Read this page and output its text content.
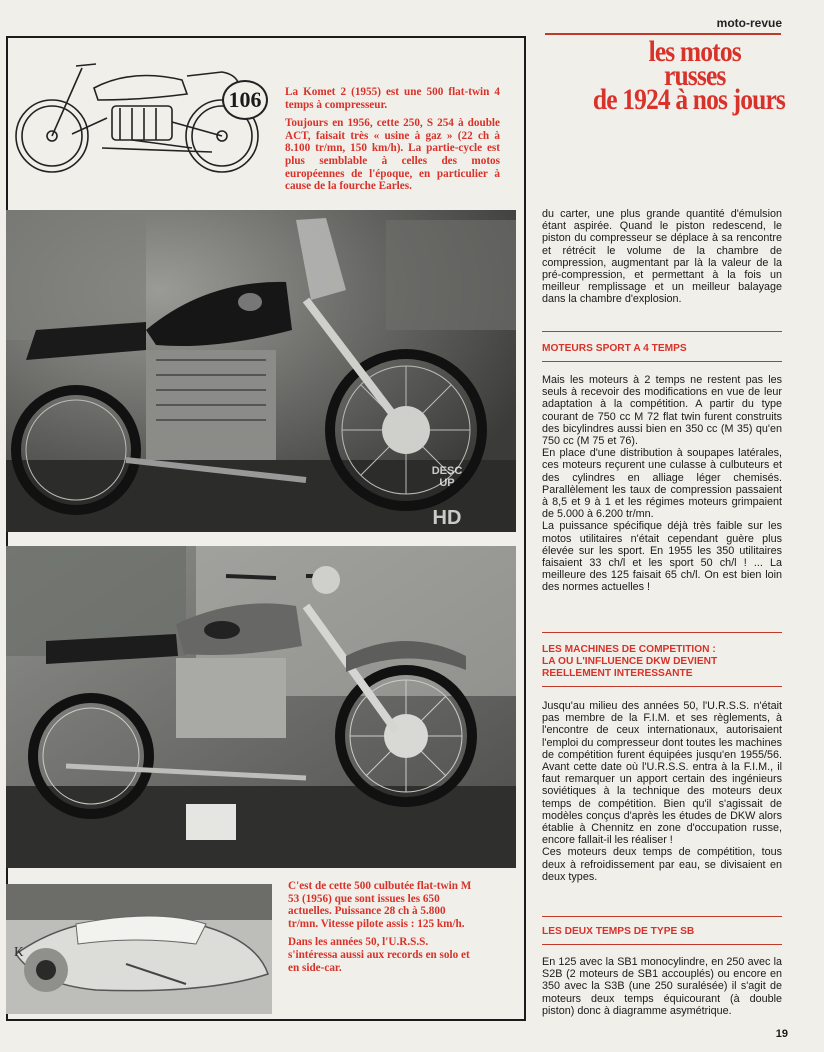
moto-revue
les motos
russes
de 1924 à nos jours
106	La Komet 2 (1955) est une 500 flat-twin 4 temps à compresseur.

Toujours en 1956, cette 250, S 254 à double ACT, faisait très « usine à gaz » (22 ch à 8.100 tr/mn, 150 km/h). La partie-cycle est plus semblable à celles des motos européennes de l'époque, en particulier à cause de la fourche Earles.

DESC
UP
HD
К

C'est de cette 500 culbutée flat-twin M 53 (1956) que sont issues les 650 actuelles. Puissance 28 ch à 5.800 tr/mn. Vitesse pilote assis : 125 km/h.

Dans les années 50, l'U.R.S.S. s'intéressa aussi aux records en solo et en side-car.

du carter, une plus grande quantité d'émulsion étant aspirée. Quand le piston redescend, le piston du compresseur se déplace à sa rencontre et rétrécit le volume de la chambre de compression, augmentant par là la valeur de la pré-compression, et permettant à la fois un meilleur remplissage et un meilleur balayage dans la chambre d'explosion.

MOTEURS SPORT A 4 TEMPS

Mais les moteurs à 2 temps ne restent pas les seuls à recevoir des modifications en vue de leur adaptation à la compétition. A partir du type courant de 750 cc M 72 flat twin furent construits des bicylindres aussi bien en 350 cc (M 35) qu'en 750 cc (M 75 et 76).

En place d'une distribution à soupapes latérales, ces moteurs reçurent une culasse à culbuteurs et des cylindres en alliage léger chemisés. Parallèlement les taux de compression passaient à 8,5 et 9 à 1 et les régimes moteurs grimpaient de 5.000 à 6.200 tr/mn.

La puissance spécifique déjà très faible sur les motos utilitaires n'était cependant guère plus élevée sur les sport. En 1955 les 350 utilitaires faisaient 33 ch/l et les sport 50 ch/l ! ... La meilleure des 125 faisait 65 ch/l. On est bien loin des normes actuelles !

LES MACHINES DE COMPETITION :
LA OU L'INFLUENCE DKW DEVIENT
REELLEMENT INTERESSANTE

Jusqu'au milieu des années 50, l'U.R.S.S. n'était pas membre de la F.I.M. et ses règlements, à l'encontre de ceux internationaux, autorisaient l'emploi du compresseur dont toutes les machines de compétition furent équipées jusqu'en 1955/56. Avant cette date où l'U.R.S.S. entra à la F.I.M., il faut remarquer un apport certain des ingénieurs soviétiques à la technique des moteurs deux temps de compétition. Bien qu'il s'agissait de modèles conçus d'après les études de DKW alors établie à Chennitz en zone d'occupation russe, encore fallait-il les réaliser !

Ces moteurs deux temps de compétition, tous deux à refroidissement par eau, se divisaient en deux types.

LES DEUX TEMPS DE TYPE SB

En 125 avec la SB1 monocylindre, en 250 avec la S2B (2 moteurs de SB1 accouplés) ou encore en 350 avec la S3B (une 250 suralésée) il s'agit de moteurs deux temps équicourant (à double piston) donc à diagramme asymétrique.

19
